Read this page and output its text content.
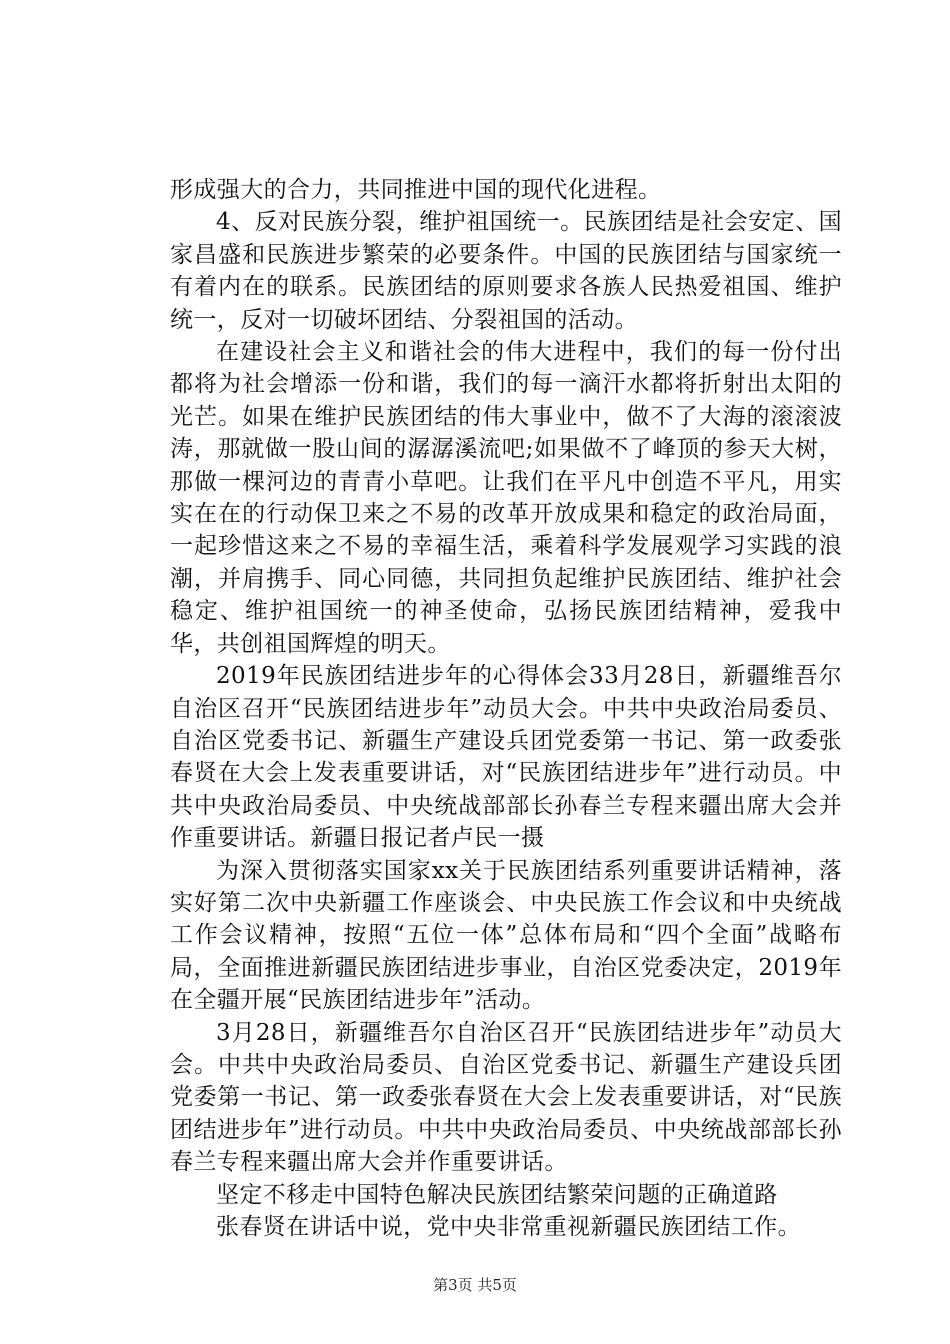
形成强大的合力，共同推进中国的现代化进程。

4、反对民族分裂，维护祖国统一。民族团结是社会安定、国家昌盛和民族进步繁荣的必要条件。中国的民族团结与国家统一有着内在的联系。民族团结的原则要求各族人民热爱祖国、维护统一，反对一切破坏团结、分裂祖国的活动。

在建设社会主义和谐社会的伟大进程中，我们的每一份付出都将为社会增添一份和谐，我们的每一滴汗水都将折射出太阳的光芒。如果在维护民族团结的伟大事业中，做不了大海的滚滚波涛，那就做一股山间的潺潺溪流吧;如果做不了峰顶的参天大树，那做一棵河边的青青小草吧。让我们在平凡中创造不平凡，用实实在在的行动保卫来之不易的改革开放成果和稳定的政治局面，一起珍惜这来之不易的幸福生活，乘着科学发展观学习实践的浪潮，并肩携手、同心同德，共同担负起维护民族团结、维护社会稳定、维护祖国统一的神圣使命，弘扬民族团结精神，爱我中华，共创祖国辉煌的明天。

2019年民族团结进步年的心得体会33月28日，新疆维吾尔自治区召开“民族团结进步年”动员大会。中共中央政治局委员、自治区党委书记、新疆生产建设兵团党委第一书记、第一政委张春贤在大会上发表重要讲话，对“民族团结进步年”进行动员。中共中央政治局委员、中央统战部部长孙春兰专程来疆出席大会并作重要讲话。新疆日报记者卢民一摄

为深入贯彻落实国家xx关于民族团结系列重要讲话精神，落实好第二次中央新疆工作座谈会、中央民族工作会议和中央统战工作会议精神，按照“五位一体”总体布局和“四个全面”战略布局，全面推进新疆民族团结进步事业，自治区党委决定，2019年在全疆开展“民族团结进步年”活动。

3月28日，新疆维吾尔自治区召开“民族团结进步年”动员大会。中共中央政治局委员、自治区党委书记、新疆生产建设兵团党委第一书记、第一政委张春贤在大会上发表重要讲话，对“民族团结进步年”进行动员。中共中央政治局委员、中央统战部部长孙春兰专程来疆出席大会并作重要讲话。

坚定不移走中国特色解决民族团结繁荣问题的正确道路

张春贤在讲话中说，党中央非常重视新疆民族团结工作。

第3页 共5页
